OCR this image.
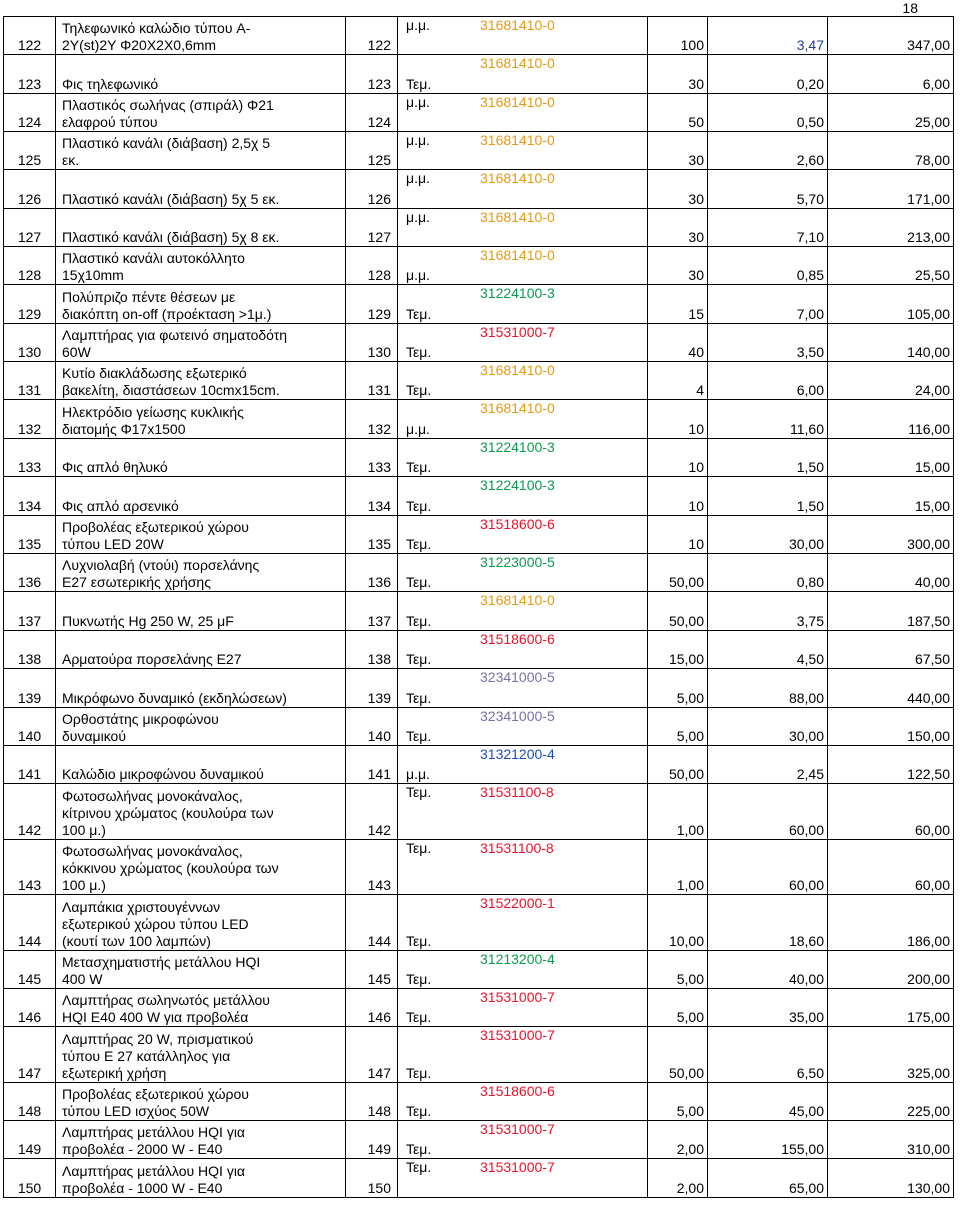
18
122	Τηλεφωνικό καλώδιο τύπου A-
2Y(st)2Y Φ20Χ2Χ0,6mm	122	31681410-0
μ.μ.	100	3,47	347,00
123	Φις τηλεφωνικό	123	31681410-0
Τεμ.	30	0,20	6,00
124	Πλαστικός σωλήνας (σπιράλ) Φ21
ελαφρού τύπου	124	31681410-0
μ.μ.	50	0,50	25,00
125	Πλαστικό κανάλι (διάβαση) 2,5χ 5
εκ.	125	31681410-0
μ.μ.	30	2,60	78,00
126	Πλαστικό κανάλι (διάβαση) 5χ 5 εκ.	126	31681410-0
μ.μ.	30	5,70	171,00
127	Πλαστικό κανάλι (διάβαση) 5χ 8 εκ.	127	31681410-0
μ.μ.	30	7,10	213,00
128	Πλαστικό κανάλι αυτοκόλλητο
15χ10mm	128	31681410-0
μ.μ.	30	0,85	25,50
129	Πολύπριζο πέντε θέσεων με
διακόπτη on-off (προέκταση >1μ.)	129	31224100-3
Τεμ.	15	7,00	105,00
130	Λαμπτήρας για φωτεινό σηματοδότη
60W	130	31531000-7
Τεμ.	40	3,50	140,00
131	Κυτίο διακλάδωσης εξωτερικό
βακελίτη, διαστάσεων 10cmx15cm.	131	31681410-0
Τεμ.	4	6,00	24,00
132	Ηλεκτρόδιο γείωσης κυκλικής
διατομής Φ17x1500	132	31681410-0
μ.μ.	10	11,60	116,00
133	Φις απλό θηλυκό	133	31224100-3
Τεμ.	10	1,50	15,00
134	Φις απλό αρσενικό	134	31224100-3
Τεμ.	10	1,50	15,00
135	Προβολέας εξωτερικού χώρου
τύπου LED 20W	135	31518600-6
Τεμ.	10	30,00	300,00
136	Λυχνιολαβή (ντούι) πορσελάνης
E27 εσωτερικής χρήσης	136	31223000-5
Τεμ.	50,00	0,80	40,00
137	Πυκνωτής Hg 250 W, 25 μF	137	31681410-0
Τεμ.	50,00	3,75	187,50
138	Αρματούρα πορσελάνης E27	138	31518600-6
Τεμ.	15,00	4,50	67,50
139	Μικρόφωνο δυναμικό (εκδηλώσεων)	139	32341000-5
Τεμ.	5,00	88,00	440,00
140	Ορθοστάτης μικροφώνου
δυναμικού	140	32341000-5
Τεμ.	5,00	30,00	150,00
141	Καλώδιο μικροφώνου δυναμικού	141	31321200-4
μ.μ.	50,00	2,45	122,50
142	Φωτοσωλήνας μονοκάναλος,
κίτρινου χρώματος (κουλούρα των
100 μ.)	142	31531100-8
Τεμ.	1,00	60,00	60,00
143	Φωτοσωλήνας μονοκάναλος,
κόκκινου χρώματος (κουλούρα των
100 μ.)	143	31531100-8
Τεμ.	1,00	60,00	60,00
144	Λαμπάκια χριστουγέννων
εξωτερικού χώρου τύπου LED
(κουτί των 100 λαμπών)	144	31522000-1
Τεμ.	10,00	18,60	186,00
145	Μετασχηματιστής μετάλλου HQI
400 W	145	31213200-4
Τεμ.	5,00	40,00	200,00
146	Λαμπτήρας σωληνωτός μετάλλου
HQI E40 400 W για προβολέα	146	31531000-7
Τεμ.	5,00	35,00	175,00
147	Λαμπτήρας 20 W, πρισματικού
τύπου E 27 κατάλληλος για
εξωτερική χρήση	147	31531000-7
Τεμ.	50,00	6,50	325,00
148	Προβολέας εξωτερικού χώρου
τύπου LED ισχύος 50W	148	31518600-6
Τεμ.	5,00	45,00	225,00
149	Λαμπτήρας μετάλλου HQI για
προβολέα - 2000 W - E40	149	31531000-7
Τεμ.	2,00	155,00	310,00
150	Λαμπτήρας μετάλλου HQI για
προβολέα - 1000 W - E40	150	31531000-7
Τεμ.	2,00	65,00	130,00
